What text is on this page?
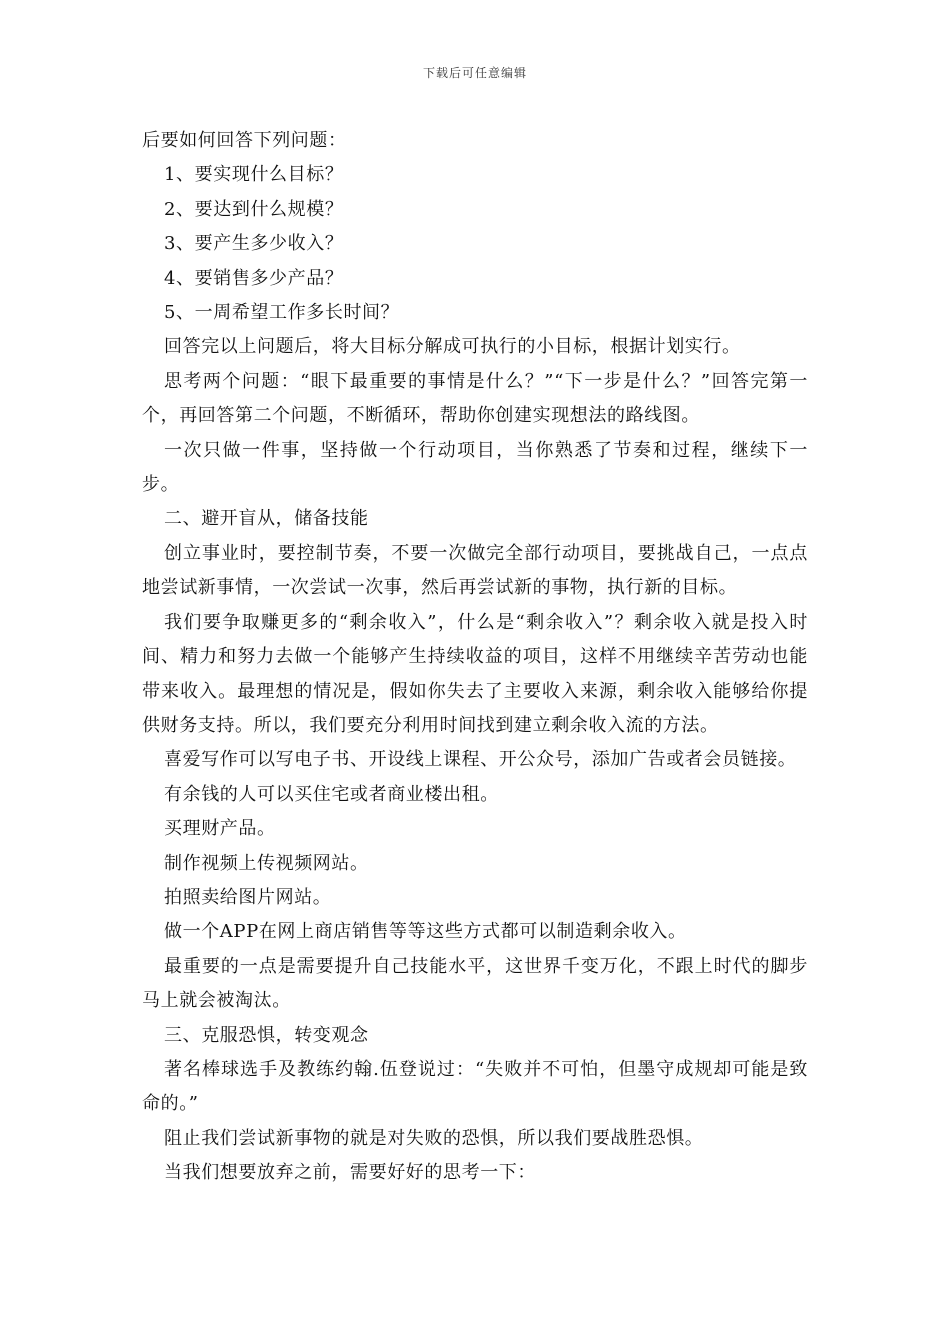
下载后可任意编辑

后要如何回答下列问题：

1、要实现什么目标？

2、要达到什么规模？

3、要产生多少收入？

4、要销售多少产品？

5、一周希望工作多长时间？

回答完以上问题后，将大目标分解成可执行的小目标，根据计划实行。

思考两个问题：“眼下最重要的事情是什么？”“下一步是什么？”回答完第一个，再回答第二个问题，不断循环，帮助你创建实现想法的路线图。

一次只做一件事，坚持做一个行动项目，当你熟悉了节奏和过程，继续下一步。

二、避开盲从，储备技能

创立事业时，要控制节奏，不要一次做完全部行动项目，要挑战自己，一点点地尝试新事情，一次尝试一次事，然后再尝试新的事物，执行新的目标。

我们要争取赚更多的“剩余收入”，什么是“剩余收入”？剩余收入就是投入时间、精力和努力去做一个能够产生持续收益的项目，这样不用继续辛苦劳动也能带来收入。最理想的情况是，假如你失去了主要收入来源，剩余收入能够给你提供财务支持。所以，我们要充分利用时间找到建立剩余收入流的方法。

喜爱写作可以写电子书、开设线上课程、开公众号，添加广告或者会员链接。

有余钱的人可以买住宅或者商业楼出租。

买理财产品。

制作视频上传视频网站。

拍照卖给图片网站。

做一个APP在网上商店销售等等这些方式都可以制造剩余收入。

最重要的一点是需要提升自己技能水平，这世界千变万化，不跟上时代的脚步马上就会被淘汰。

三、克服恐惧，转变观念

著名棒球选手及教练约翰.伍登说过：“失败并不可怕，但墨守成规却可能是致命的。”

阻止我们尝试新事物的就是对失败的恐惧，所以我们要战胜恐惧。

当我们想要放弃之前，需要好好的思考一下：
